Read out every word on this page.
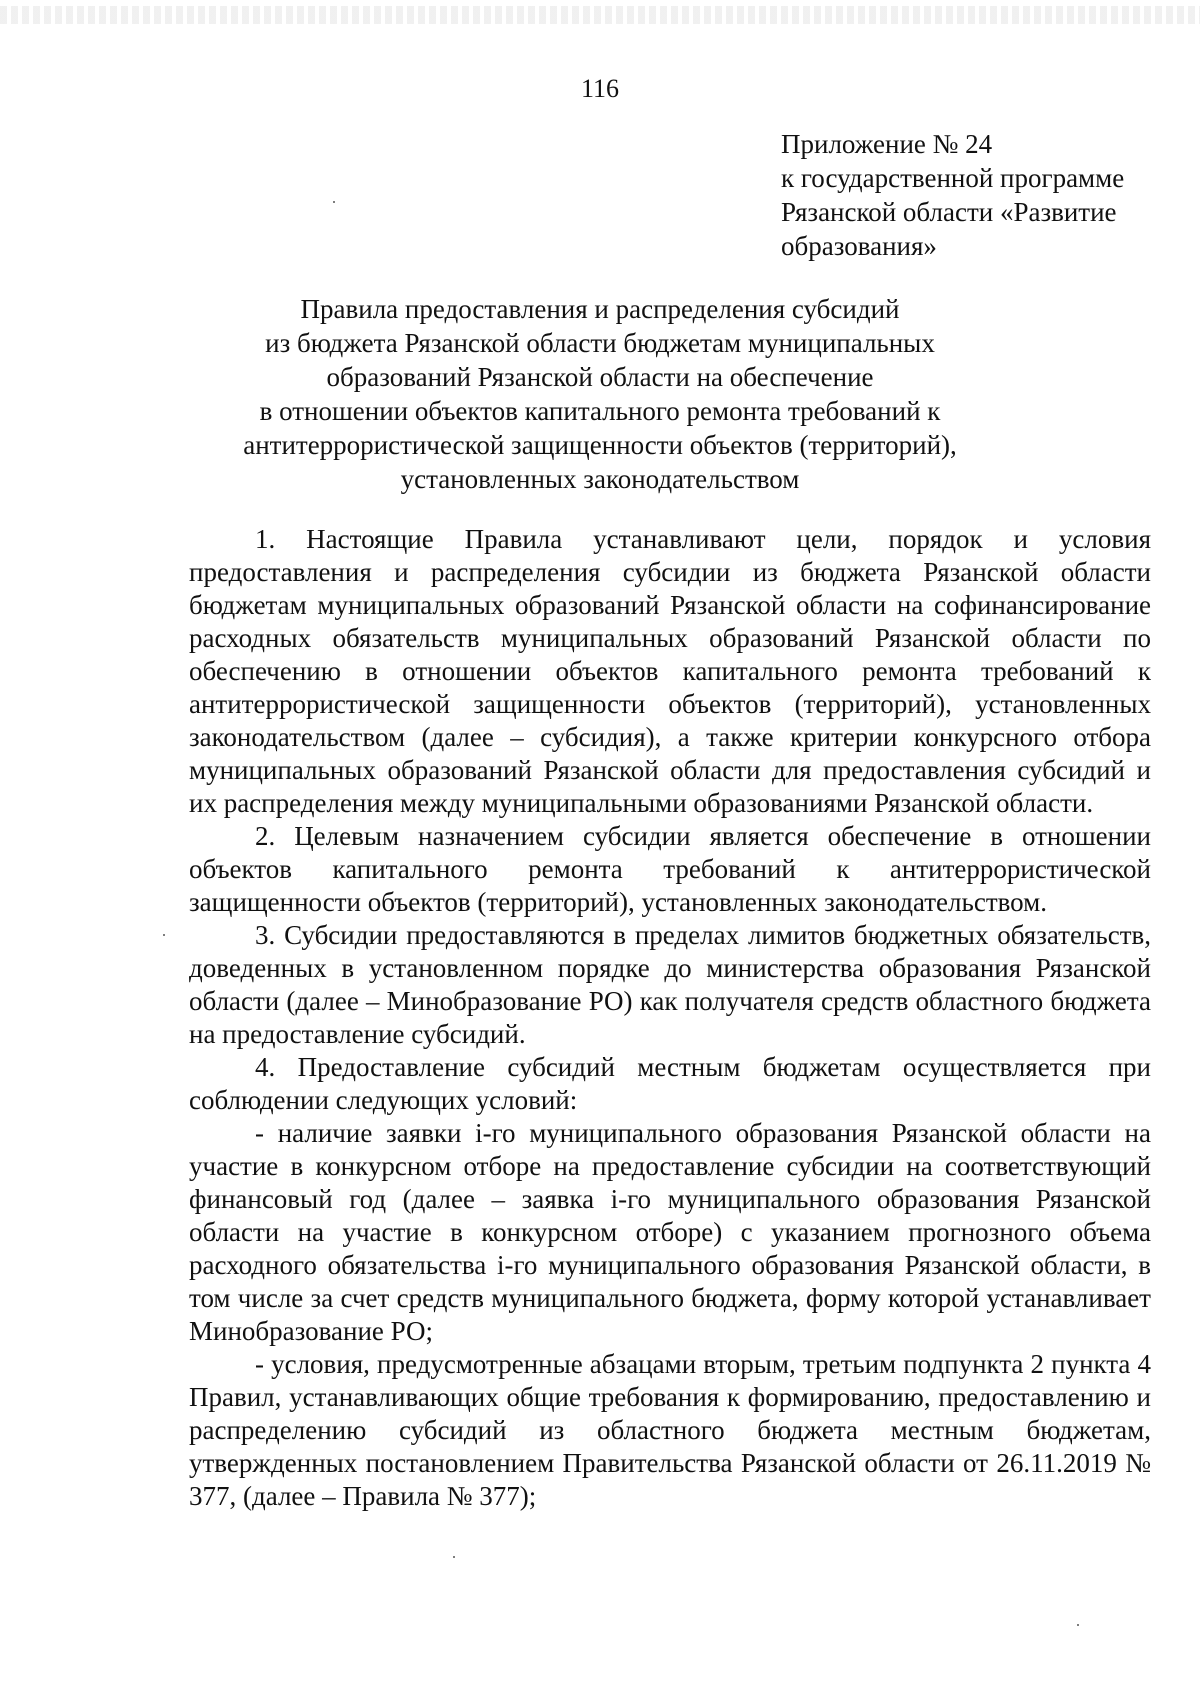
116
Приложение № 24
к государственной программе
Рязанской области «Развитие
образования»
Правила предоставления и распределения субсидий
из бюджета Рязанской области бюджетам муниципальных
образований Рязанской области на обеспечение
в отношении объектов капитального ремонта требований к
антитеррористической защищенности объектов (территорий),
установленных законодательством

1. Настоящие Правила устанавливают цели, порядок и условия предоставления и распределения субсидии из бюджета Рязанской области бюджетам муниципальных образований Рязанской области на софинансирование расходных обязательств муниципальных образований Рязанской области по обеспечению в отношении объектов капитального ремонта требований к антитеррористической защищенности объектов (территорий), установленных законодательством (далее – субсидия), а также критерии конкурсного отбора муниципальных образований Рязанской области для предоставления субсидий и их распределения между муниципальными образованиями Рязанской области.

2. Целевым назначением субсидии является обеспечение в отношении объектов капитального ремонта требований к антитеррористической защищенности объектов (территорий), установленных законодательством.

3. Субсидии предоставляются в пределах лимитов бюджетных обязательств, доведенных в установленном порядке до министерства образования Рязанской области (далее – Минобразование РО) как получателя средств областного бюджета на предоставление субсидий.

4. Предоставление субсидий местным бюджетам осуществляется при соблюдении следующих условий:

- наличие заявки i-го муниципального образования Рязанской области на участие в конкурсном отборе на предоставление субсидии на соответствующий финансовый год (далее – заявка i-го муниципального образования Рязанской области на участие в конкурсном отборе) с указанием прогнозного объема расходного обязательства i-го муниципального образования Рязанской области, в том числе за счет средств муниципального бюджета, форму которой устанавливает Минобразование РО;

- условия, предусмотренные абзацами вторым, третьим подпункта 2 пункта 4 Правил, устанавливающих общие требования к формированию, предоставлению и распределению субсидий из областного бюджета местным бюджетам, утвержденных постановлением Правительства Рязанской области от 26.11.2019 № 377, (далее – Правила № 377);
